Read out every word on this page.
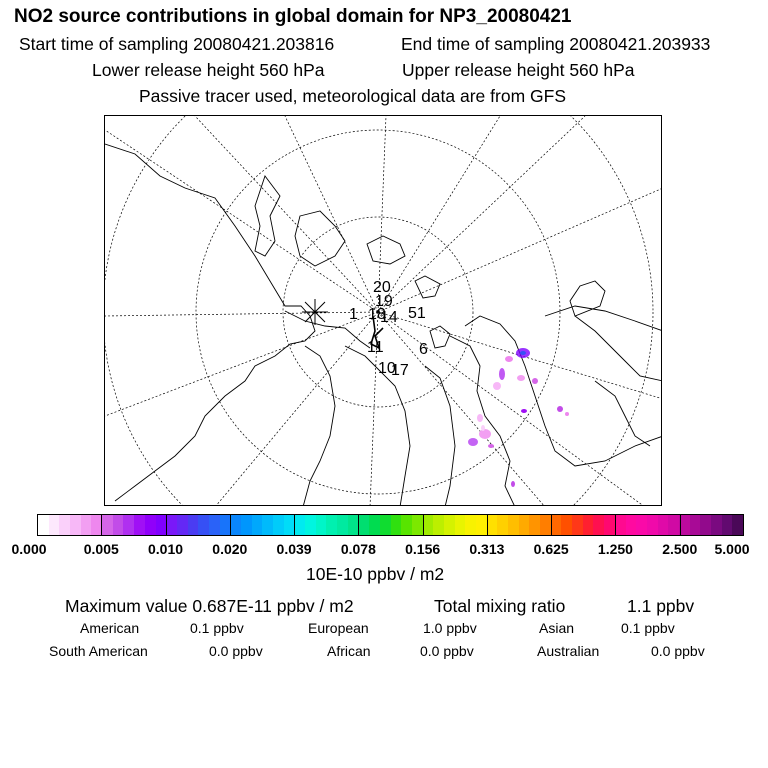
NO2 source contributions in global domain for NP3_20080421
Start time of sampling 20080421.203816	End time of sampling 20080421.203933
Lower release height 560 hPa	Upper release height 560 hPa
Passive tracer used, meteorological data are from GFS
20
19
18
1 14 51
11
10
17
6
0.000	0.005 0.010 0.020 0.039 0.078 0.156 0.313 0.625 1.250 2.500 5.000
10E-10 ppbv / m2
Maximum value 0.687E-11 ppbv / m2	Total mixing ratio	1.1 ppbv
American	0.1 ppbv	European	1.0 ppbv	Asian	0.1 ppbv
South American	0.0 ppbv	African	0.0 ppbv	Australian	0.0 ppbv
